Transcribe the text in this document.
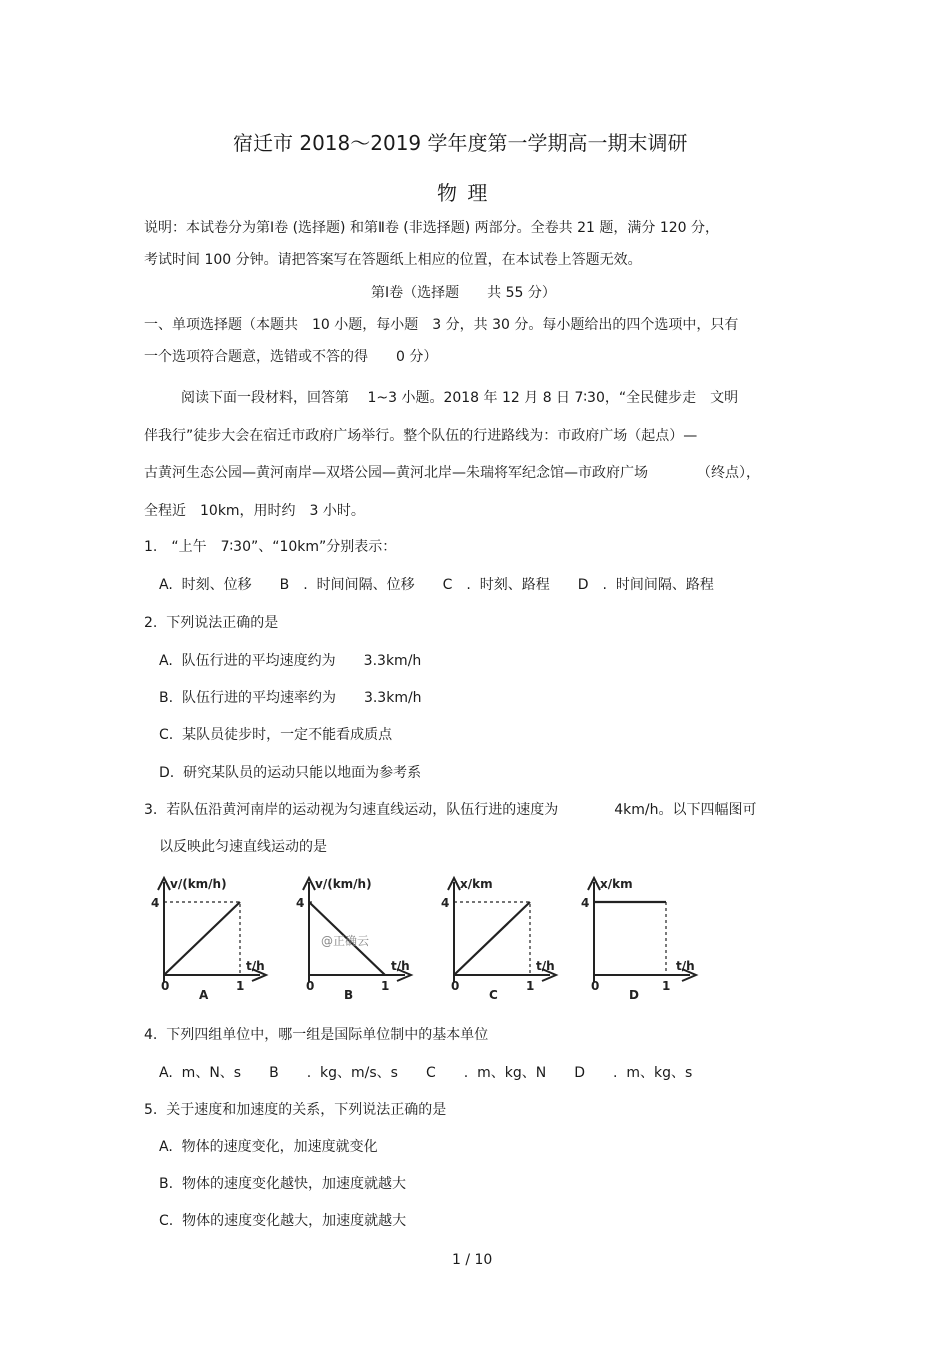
宿迁市 2018～2019 学年度第一学期高一期末调研
物 理
说明：本试卷分为第Ⅰ卷 (选择题) 和第Ⅱ卷 (非选择题) 两部分。全卷共 21 题，满分 120 分，
考试时间 100 分钟。请把答案写在答题纸上相应的位置，在本试卷上答题无效。
第Ⅰ卷（选择题　　共 55 分）
一、单项选择题（本题共　10 小题，每小题　3 分，共 30 分。每小题给出的四个选项中，只有
一个选项符合题意，选错或不答的得　　0 分）
阅读下面一段材料，回答第　 1~3 小题。2018 年 12 月 8 日 7∶30，“全民健步走　文明
伴我行”徒步大会在宿迁市政府广场举行。整个队伍的行进路线为：市政府广场（起点）—
古黄河生态公园—黄河南岸—双塔公园—黄河北岸—朱瑞将军纪念馆—市政府广场　　　　（终点），
全程近　10km，用时约　3 小时。
1.　“上午　7∶30”、“10km”分别表示：
A.  时刻、位移　　B　.  时间间隔、位移　　C　.  时刻、路程　　D　.  时间间隔、路程
2.  下列说法正确的是
A.  队伍行进的平均速度约为　　3.3km/h
B.  队伍行进的平均速率约为　　3.3km/h
C.  某队员徒步时，一定不能看成质点
D.  研究某队员的运动只能以地面为参考系
3.  若队伍沿黄河南岸的运动视为匀速直线运动，队伍行进的速度为　　　　4km/h。以下四幅图可
以反映此匀速直线运动的是
v/(km/h)
4
t/h
0	1
A
@正确云
v/(km/h)
4
t/h
0	1
B
x/km
4
t/h
0	1
C
x/km
4
t/h
0	1
D
4.  下列四组单位中，哪一组是国际单位制中的基本单位
A.  m、N、s　　B　　.  kg、m/s、s　　C　　.  m、kg、N　　D　　.  m、kg、s
5.  关于速度和加速度的关系，下列说法正确的是
A.  物体的速度变化，加速度就变化
B.  物体的速度变化越快，加速度就越大
C.  物体的速度变化越大，加速度就越大
1 / 10
